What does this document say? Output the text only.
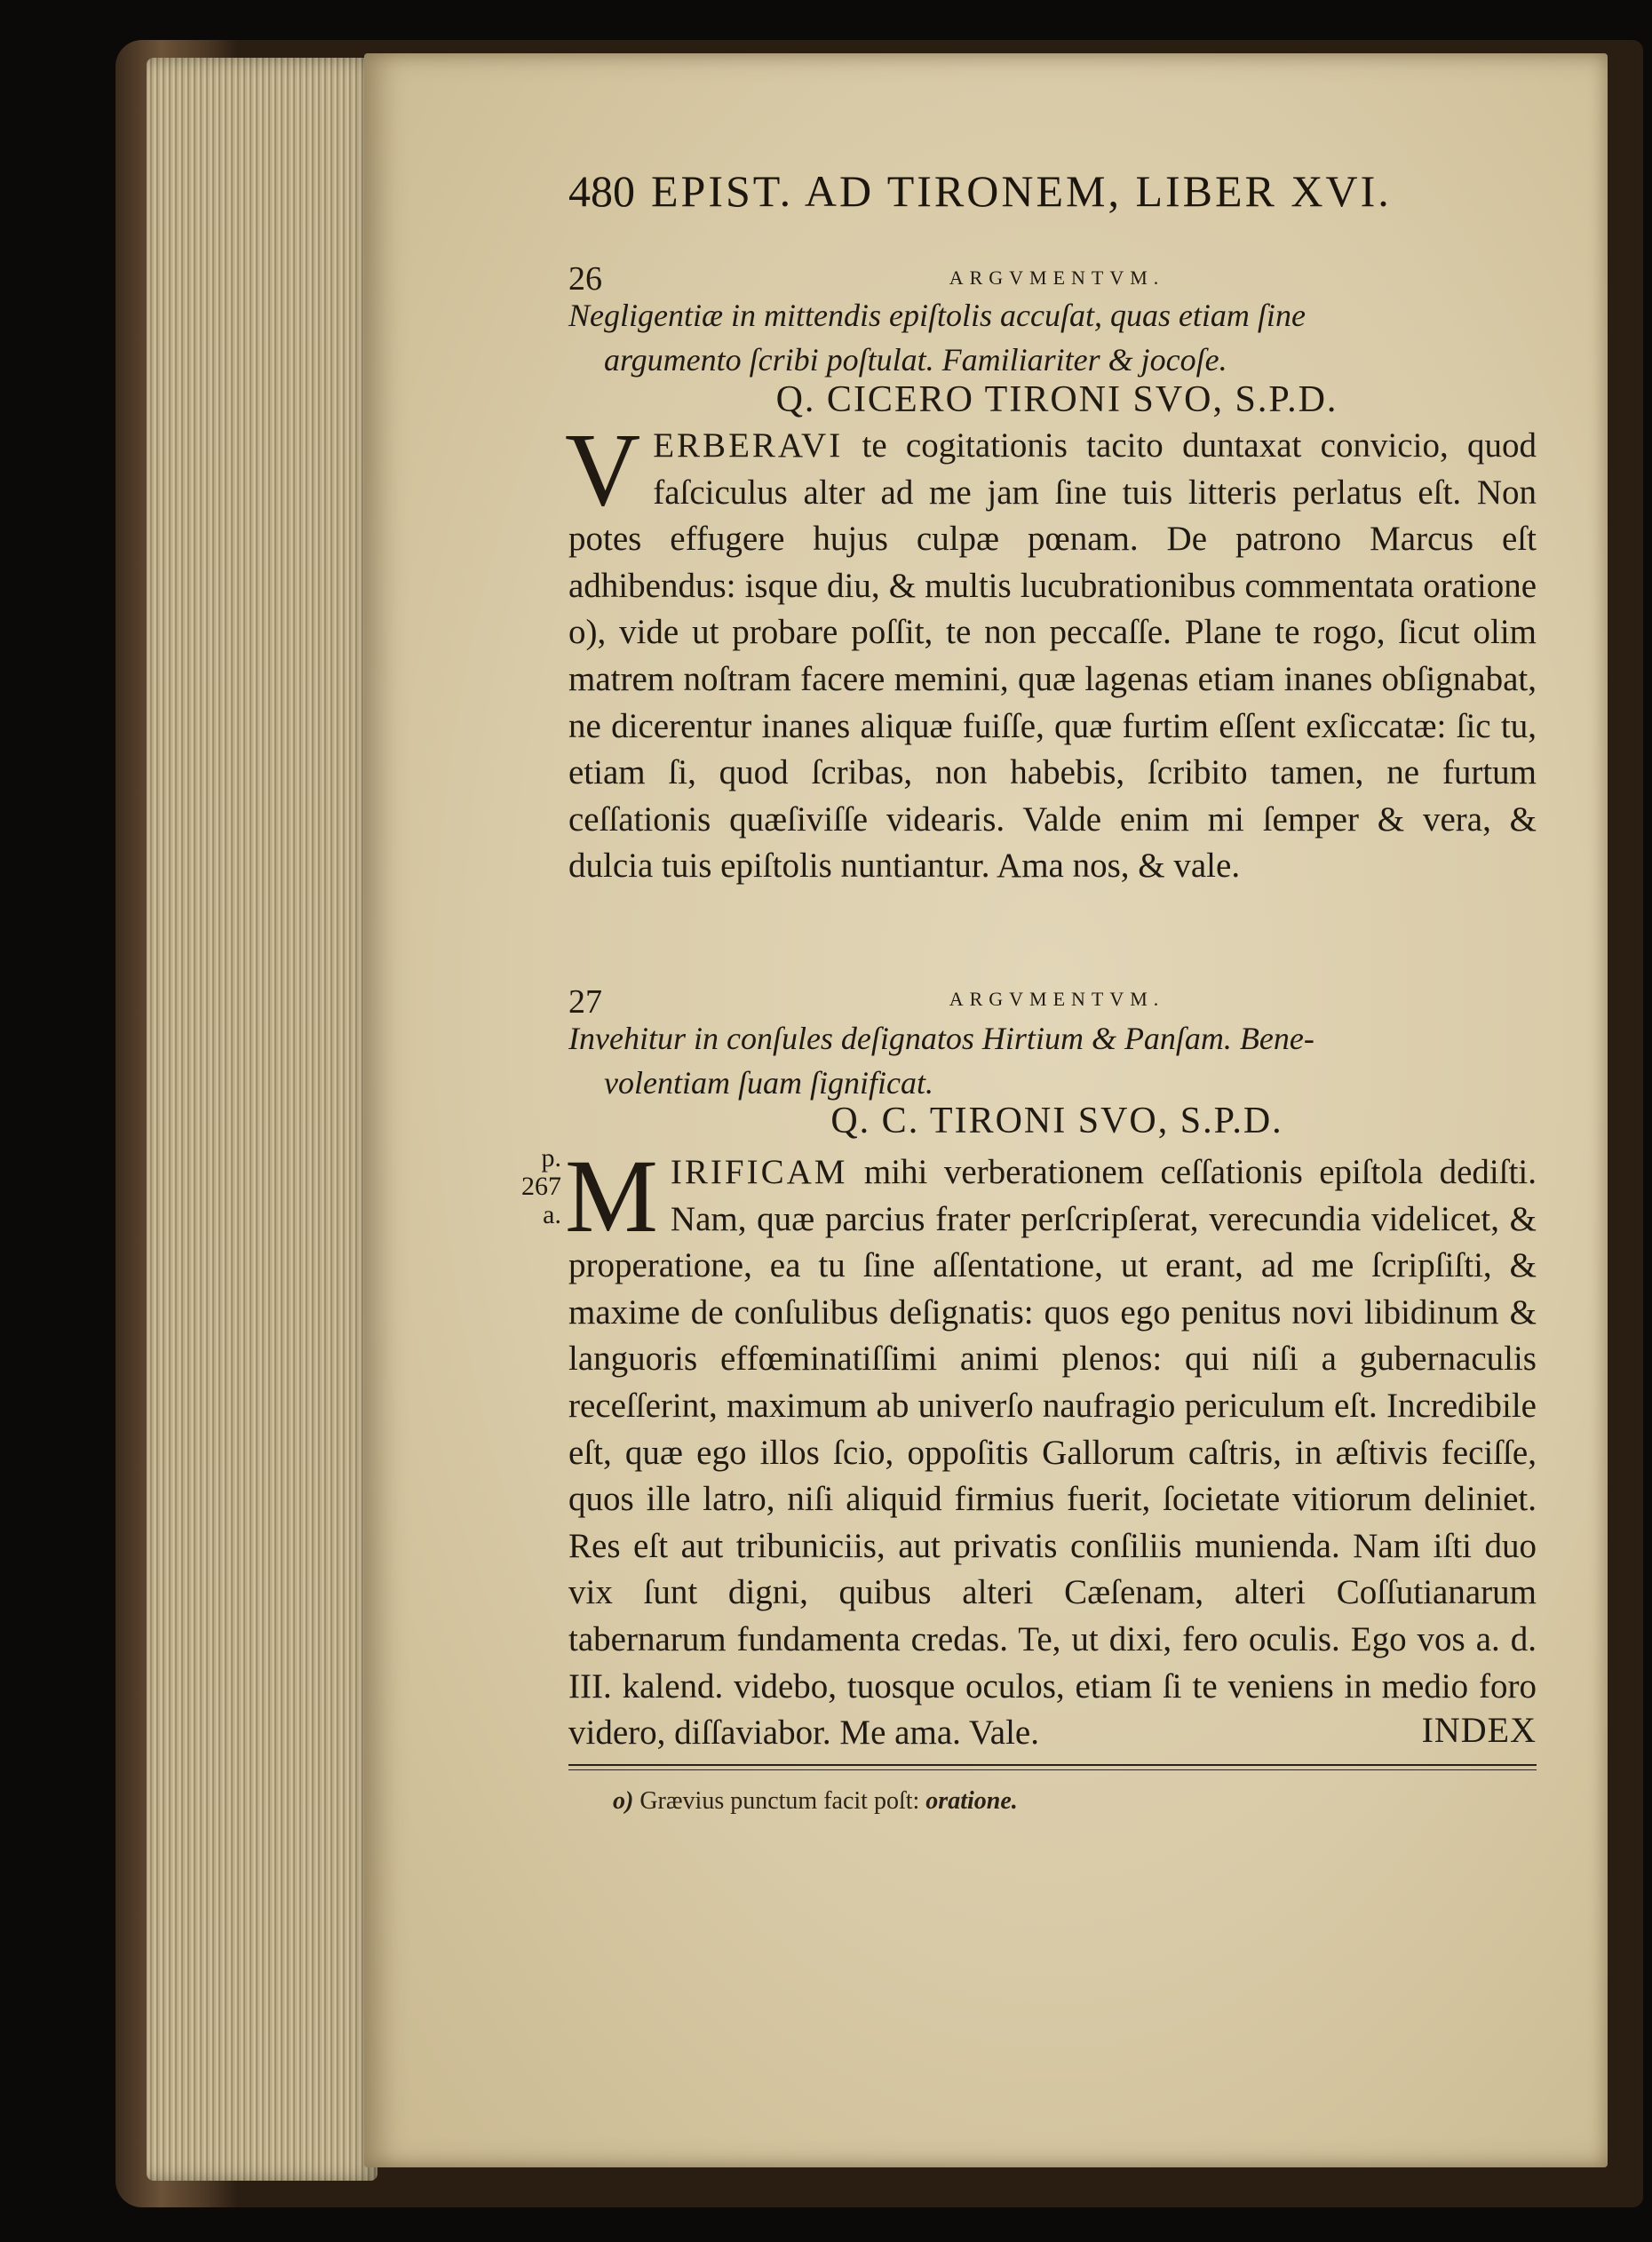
480 EPIST. AD TIRONEM, LIBER XVI.
26	ARGVMENTVM.
Negligentiæ in mittendis epiſtolis accuſat, quas etiam ſine
argumento ſcribi poſtulat. Familiariter & jocoſe.
Q. CICERO TIRONI SVO, S.P.D.
VERBERAVI te cogitationis tacito duntaxat convicio, quod faſciculus alter ad me jam ſine tuis litteris perlatus eſt. Non potes effugere hujus culpæ pœnam. De patrono Marcus eſt adhibendus: isque diu, & multis lucubrationibus commentata oratione o), vide ut probare poſſit, te non peccaſſe. Plane te rogo, ſicut olim matrem noſtram facere memini, quæ lagenas etiam inanes obſignabat, ne dicerentur inanes aliquæ fuiſſe, quæ furtim eſſent exſiccatæ: ſic tu, etiam ſi, quod ſcribas, non habebis, ſcribito tamen, ne furtum ceſſationis quæſiviſſe videaris. Valde enim mi ſemper & vera, & dulcia tuis epiſtolis nuntiantur. Ama nos, & vale.
27	ARGVMENTVM.
Invehitur in conſules deſignatos Hirtium & Panſam. Bene-
volentiam ſuam ſignificat.
Q. C. TIRONI SVO, S.P.D.
p. 267 a. MIRIFICAM mihi verberationem ceſſationis epiſtola dediſti. Nam, quæ parcius frater perſcripſerat, verecundia videlicet, & properatione, ea tu ſine aſſentatione, ut erant, ad me ſcripſiſti, & maxime de conſulibus deſignatis: quos ego penitus novi libidinum & languoris effœminatiſſimi animi plenos: qui niſi a gubernaculis receſſerint, maximum ab univerſo naufragio periculum eſt. Incredibile eſt, quæ ego illos ſcio, oppoſitis Gallorum caſtris, in æſtivis feciſſe, quos ille latro, niſi aliquid firmius fuerit, ſocietate vitiorum deliniet. Res eſt aut tribuniciis, aut privatis conſiliis munienda. Nam iſti duo vix ſunt digni, quibus alteri Cæſenam, alteri Coſſutianarum tabernarum fundamenta credas. Te, ut dixi, fero oculis. Ego vos a. d. III. kalend. videbo, tuosque oculos, etiam ſi te veniens in medio foro videro, diſſaviabor. Me ama. Vale.	INDEX
o) Grævius punctum facit poſt: oratione.
